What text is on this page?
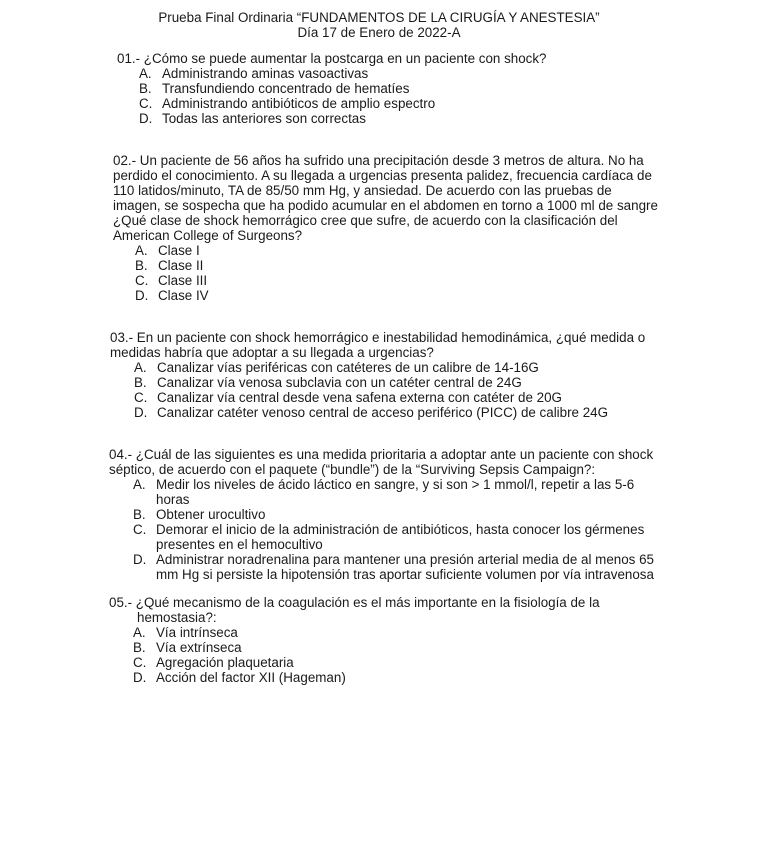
Prueba Final Ordinaria “FUNDAMENTOS DE LA CIRUGÍA Y ANESTESIA”
Día 17 de Enero de 2022-A
01.- ¿Cómo se puede aumentar la postcarga en un paciente con shock?
A. Administrando aminas vasoactivas
B. Transfundiendo concentrado de hematíes
C. Administrando antibióticos de amplio espectro
D. Todas las anteriores son correctas
02.- Un paciente de 56 años ha sufrido una precipitación desde 3 metros de altura. No ha perdido el conocimiento. A su llegada a urgencias presenta palidez, frecuencia cardíaca de 110 latidos/minuto, TA de 85/50 mm Hg, y ansiedad. De acuerdo con las pruebas de imagen, se sospecha que ha podido acumular en el abdomen en torno a 1000 ml de sangre ¿Qué clase de shock hemorrágico cree que sufre, de acuerdo con la clasificación del American College of Surgeons?
A. Clase I
B. Clase II
C. Clase III
D. Clase IV
03.- En un paciente con shock hemorrágico e inestabilidad hemodinámica, ¿qué medida o medidas habría que adoptar a su llegada a urgencias?
A. Canalizar vías periféricas con catéteres de un calibre de 14-16G
B. Canalizar vía venosa subclavia con un catéter central de 24G
C. Canalizar vía central desde vena safena externa con catéter de 20G
D. Canalizar catéter venoso central de acceso periférico (PICC) de calibre 24G
04.- ¿Cuál de las siguientes es una medida prioritaria a adoptar ante un paciente con shock séptico, de acuerdo con el paquete (“bundle”) de la “Surviving Sepsis Campaign?:
A. Medir los niveles de ácido láctico en sangre, y si son > 1 mmol/l, repetir a las 5-6 horas
B. Obtener urocultivo
C. Demorar el inicio de la administración de antibióticos, hasta conocer los gérmenes presentes en el hemocultivo
D. Administrar noradrenalina para mantener una presión arterial media de al menos 65 mm Hg si persiste la hipotensión tras aportar suficiente volumen por vía intravenosa
05.- ¿Qué mecanismo de la coagulación es el más importante en la fisiología de la
hemostasia?:
A. Vía intrínseca
B. Vía extrínseca
C. Agregación plaquetaria
D. Acción del factor XII (Hageman)
